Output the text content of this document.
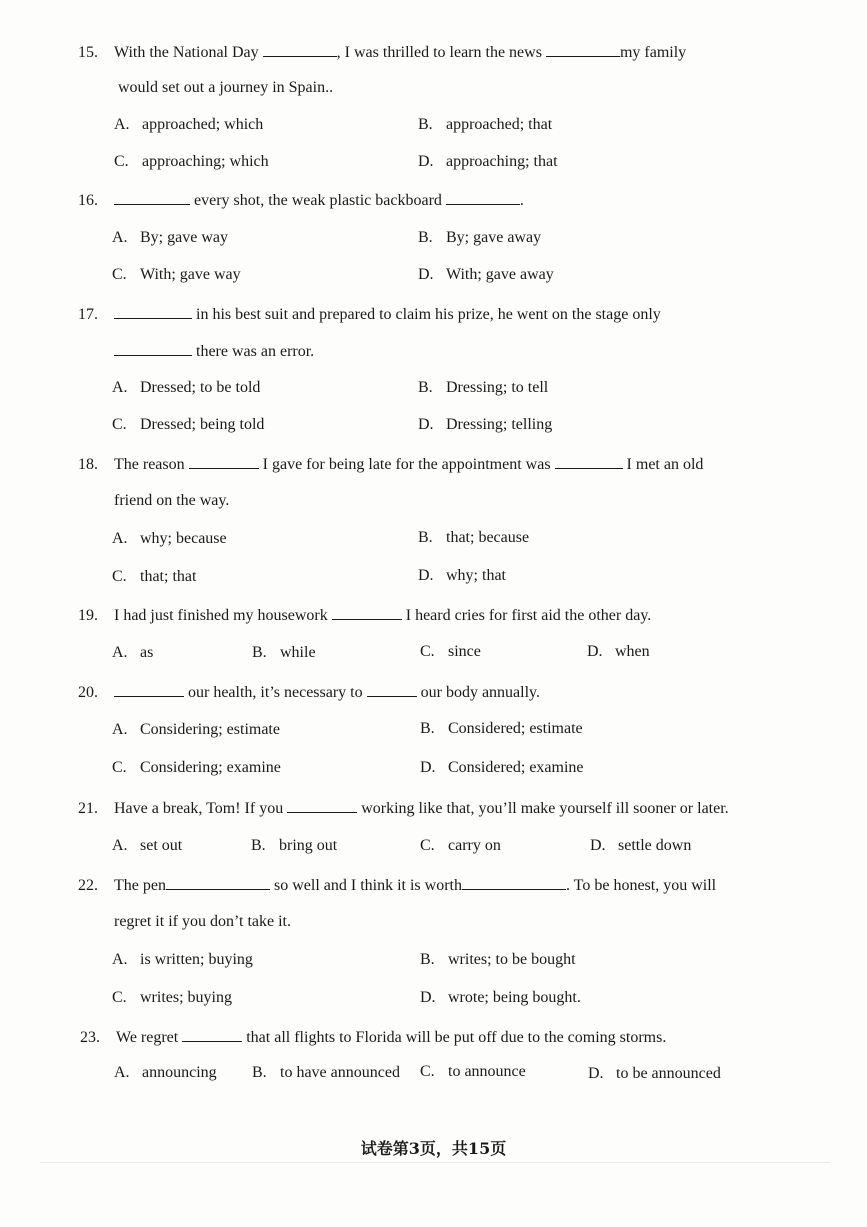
15. With the National Day	, I was thrilled to learn the news	my family
would set out a journey in Spain..
A. approached; which	B. approached; that
C. approaching; which	D. approaching; that
16.	every shot, the weak plastic backboard	.
A. By; gave way	B. By; gave away
C. With; gave way	D. With; gave away
17.	in his best suit and prepared to claim his prize, he went on the stage only
there was an error.
A. Dressed; to be told	B. Dressing; to tell
C. Dressed; being told	D. Dressing; telling
18. The reason	I gave for being late for the appointment was	I met an old
friend on the way.
A. why; because	B. that; because
C. that; that	D. why; that
19. I had just finished my housework	I heard cries for first aid the other day.
A. as	B. while	C. since	D. when
20.	our health, it’s necessary to	our body annually.
A. Considering; estimate	B. Considered; estimate
C. Considering; examine	D. Considered; examine
21. Have a break, Tom! If you	working like that, you’ll make yourself ill sooner or later.
A. set out	B. bring out	C. carry on	D. settle down
22. The pen	so well and I think it is worth	. To be honest, you will
regret it if you don’t take it.
A. is written; buying	B. writes; to be bought
C. writes; buying	D. wrote; being bought.
23. We regret	that all flights to Florida will be put off due to the coming storms.
A. announcing B. to have announced C. to announce	D. to be announced
试卷第3页，共15页
